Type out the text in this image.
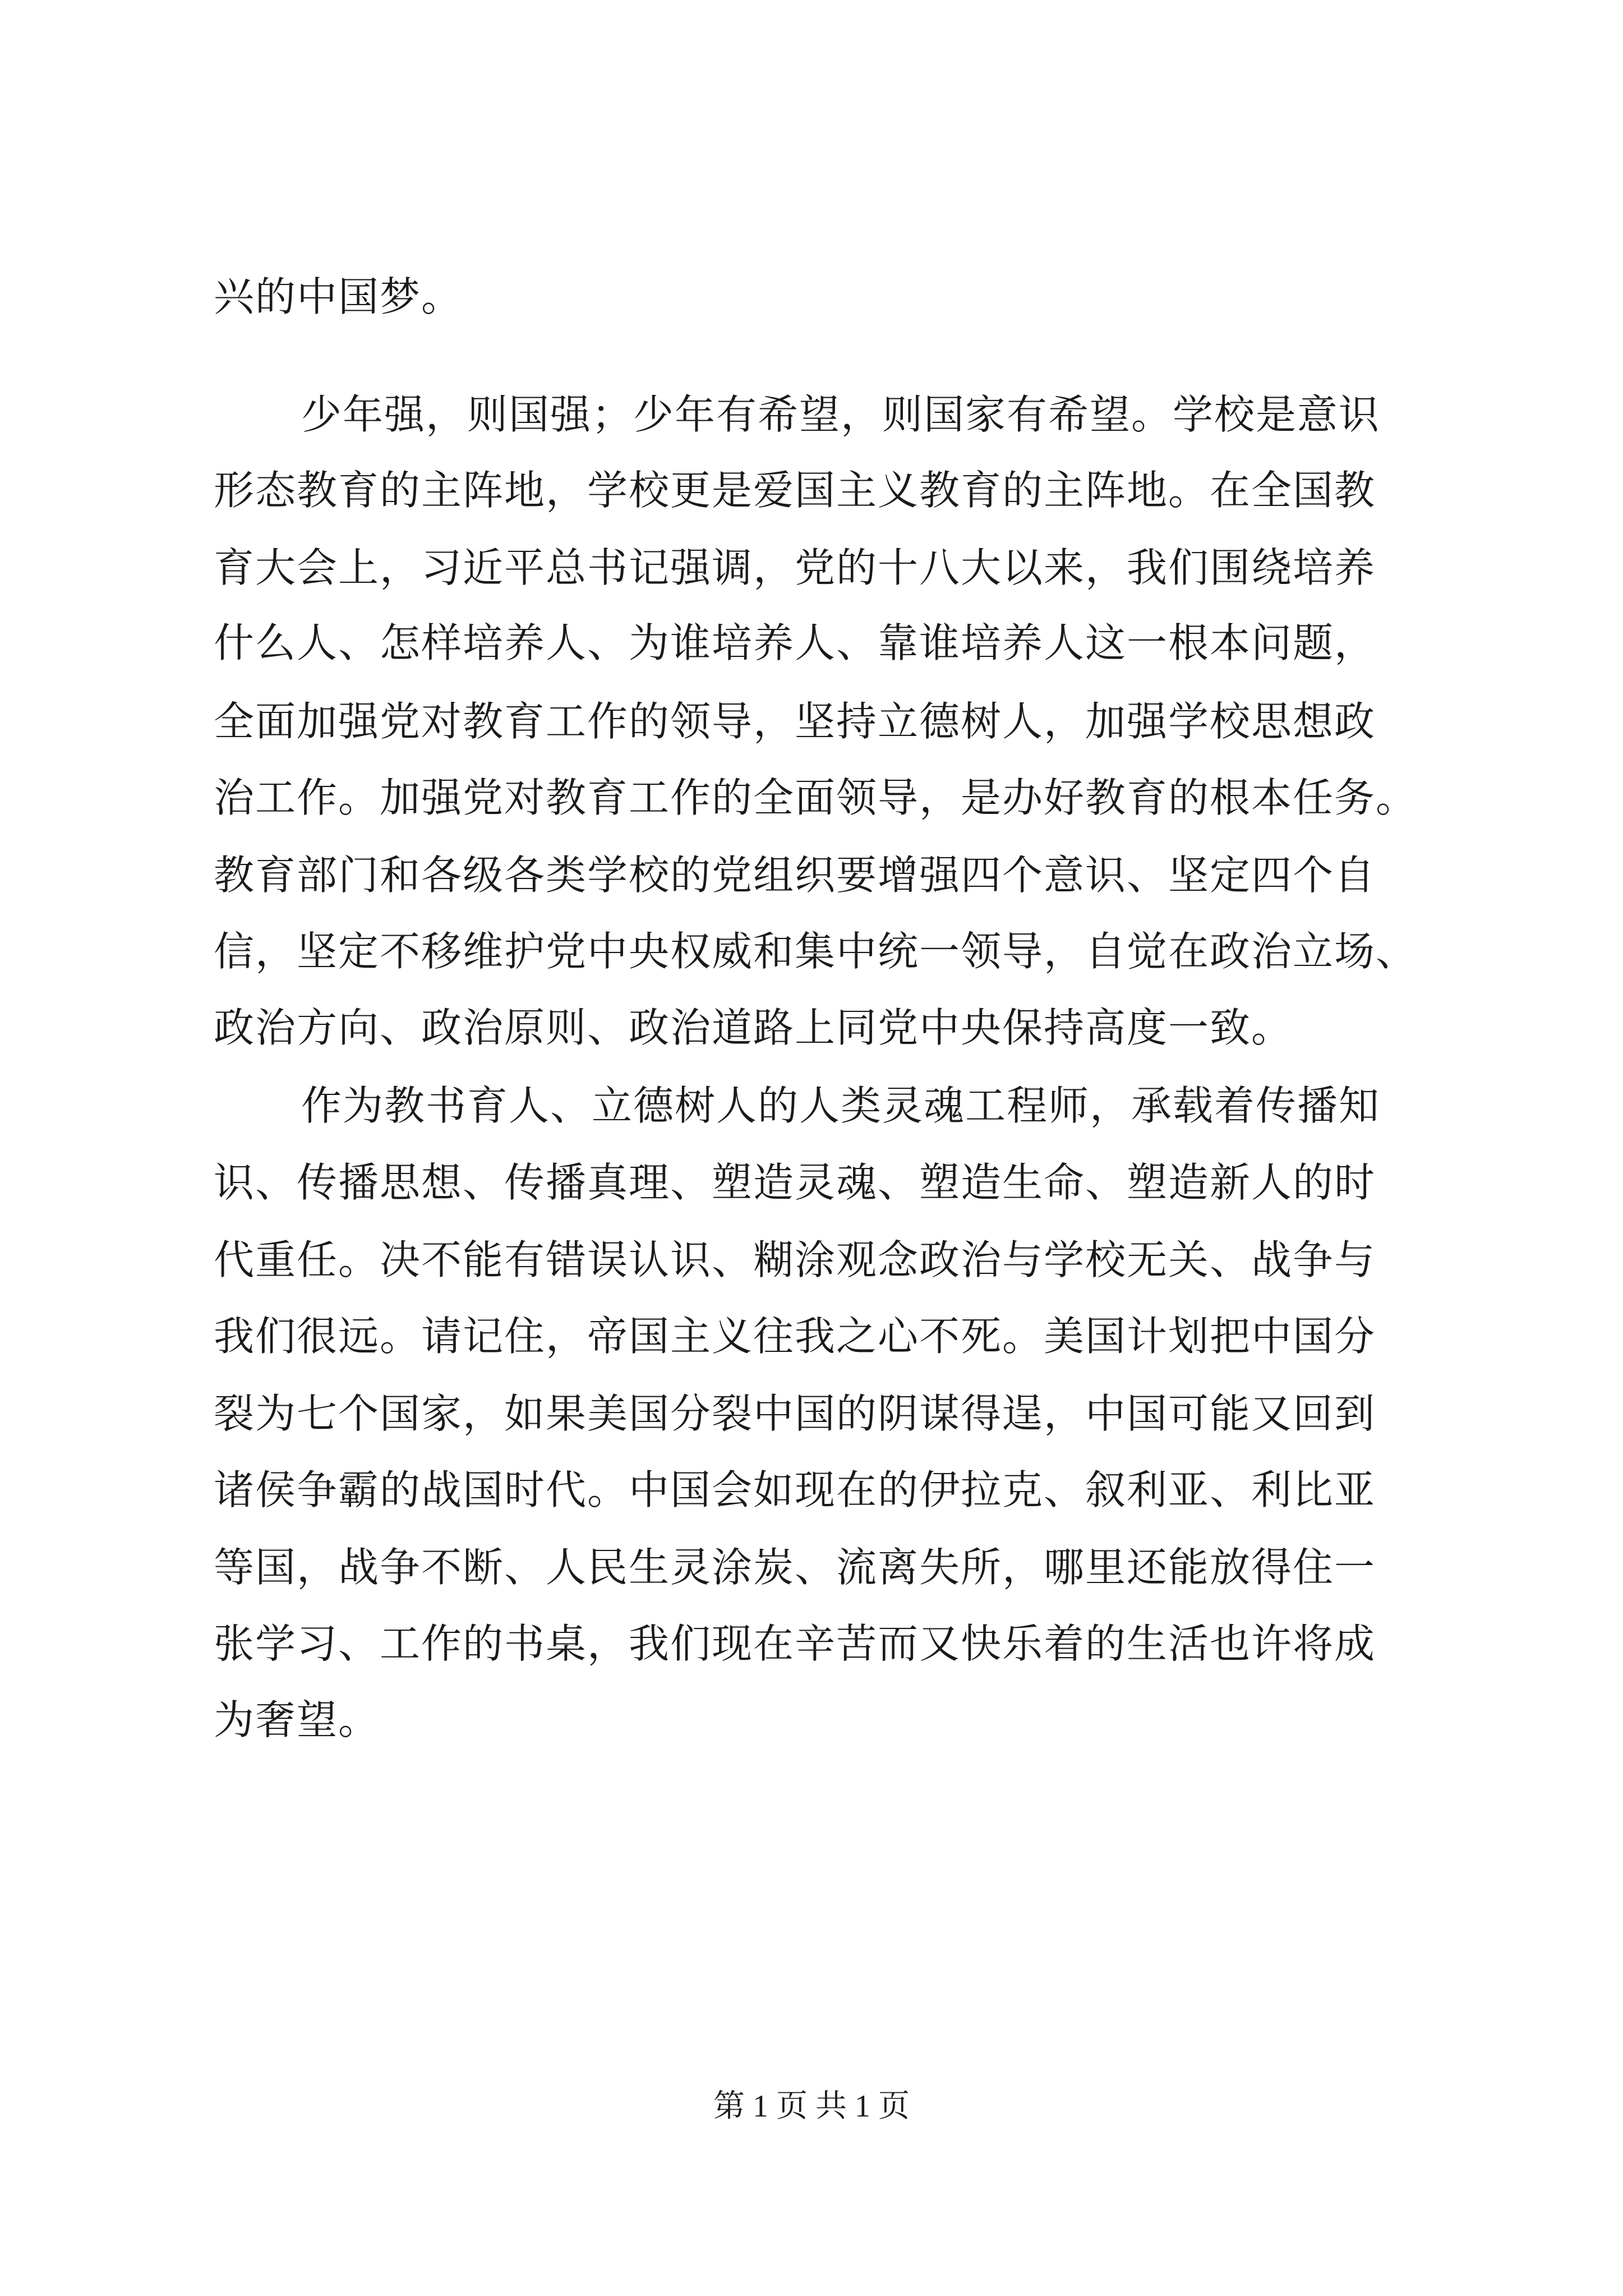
兴的中国梦。
少年强，则国强；少年有希望，则国家有希望。学校是意识
形态教育的主阵地，学校更是爱国主义教育的主阵地。在全国教
育大会上，习近平总书记强调，党的十八大以来，我们围绕培养
什么人、怎样培养人、为谁培养人、靠谁培养人这一根本问题，
全面加强党对教育工作的领导，坚持立德树人，加强学校思想政
治工作。加强党对教育工作的全面领导，是办好教育的根本任务。
教育部门和各级各类学校的党组织要增强四个意识、坚定四个自
信，坚定不移维护党中央权威和集中统一领导，自觉在政治立场、
政治方向、政治原则、政治道路上同党中央保持高度一致。
作为教书育人、立德树人的人类灵魂工程师，承载着传播知
识、传播思想、传播真理、塑造灵魂、塑造生命、塑造新人的时
代重任。决不能有错误认识、糊涂观念政治与学校无关、战争与
我们很远。请记住，帝国主义往我之心不死。美国计划把中国分
裂为七个国家，如果美国分裂中国的阴谋得逞，中国可能又回到
诸侯争霸的战国时代。中国会如现在的伊拉克、叙利亚、利比亚
等国，战争不断、人民生灵涂炭、流离失所，哪里还能放得住一
张学习、工作的书桌，我们现在辛苦而又快乐着的生活也许将成
为奢望。
第 1 页 共 1 页
